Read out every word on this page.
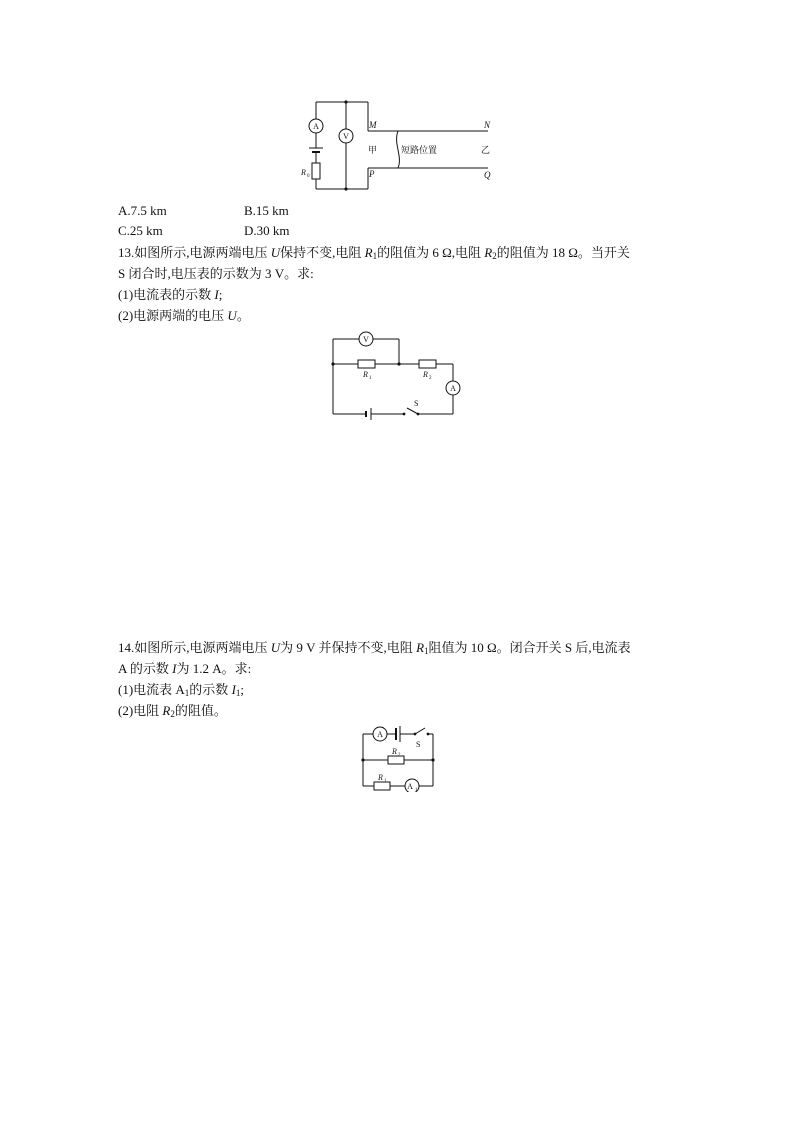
A
V
R 0
M	N
P	Q
甲	短路位置	乙
A.7.5 km	B.15 km
C.25 km	D.30 km
13.如图所示,电源两端电压 U保持不变,电阻 $R_1$的阻值为 6 Ω,电阻 $R_2$的阻值为 18 Ω。当开关
S 闭合时,电压表的示数为 3 V。求:
(1)电流表的示数 I;
(2)电源两端的电压 U。
V
A
R 1	R 2
S
14.如图所示,电源两端电压 U为 9 V 并保持不变,电阻 $R_1$阻值为 10 Ω。闭合开关 S 后,电流表
A 的示数 I为 1.2 A。求:
(1)电流表 $A_1$的示数 $I_1$;
(2)电阻 $R_2$的阻值。
A
A 1
S
R 2
R 1
